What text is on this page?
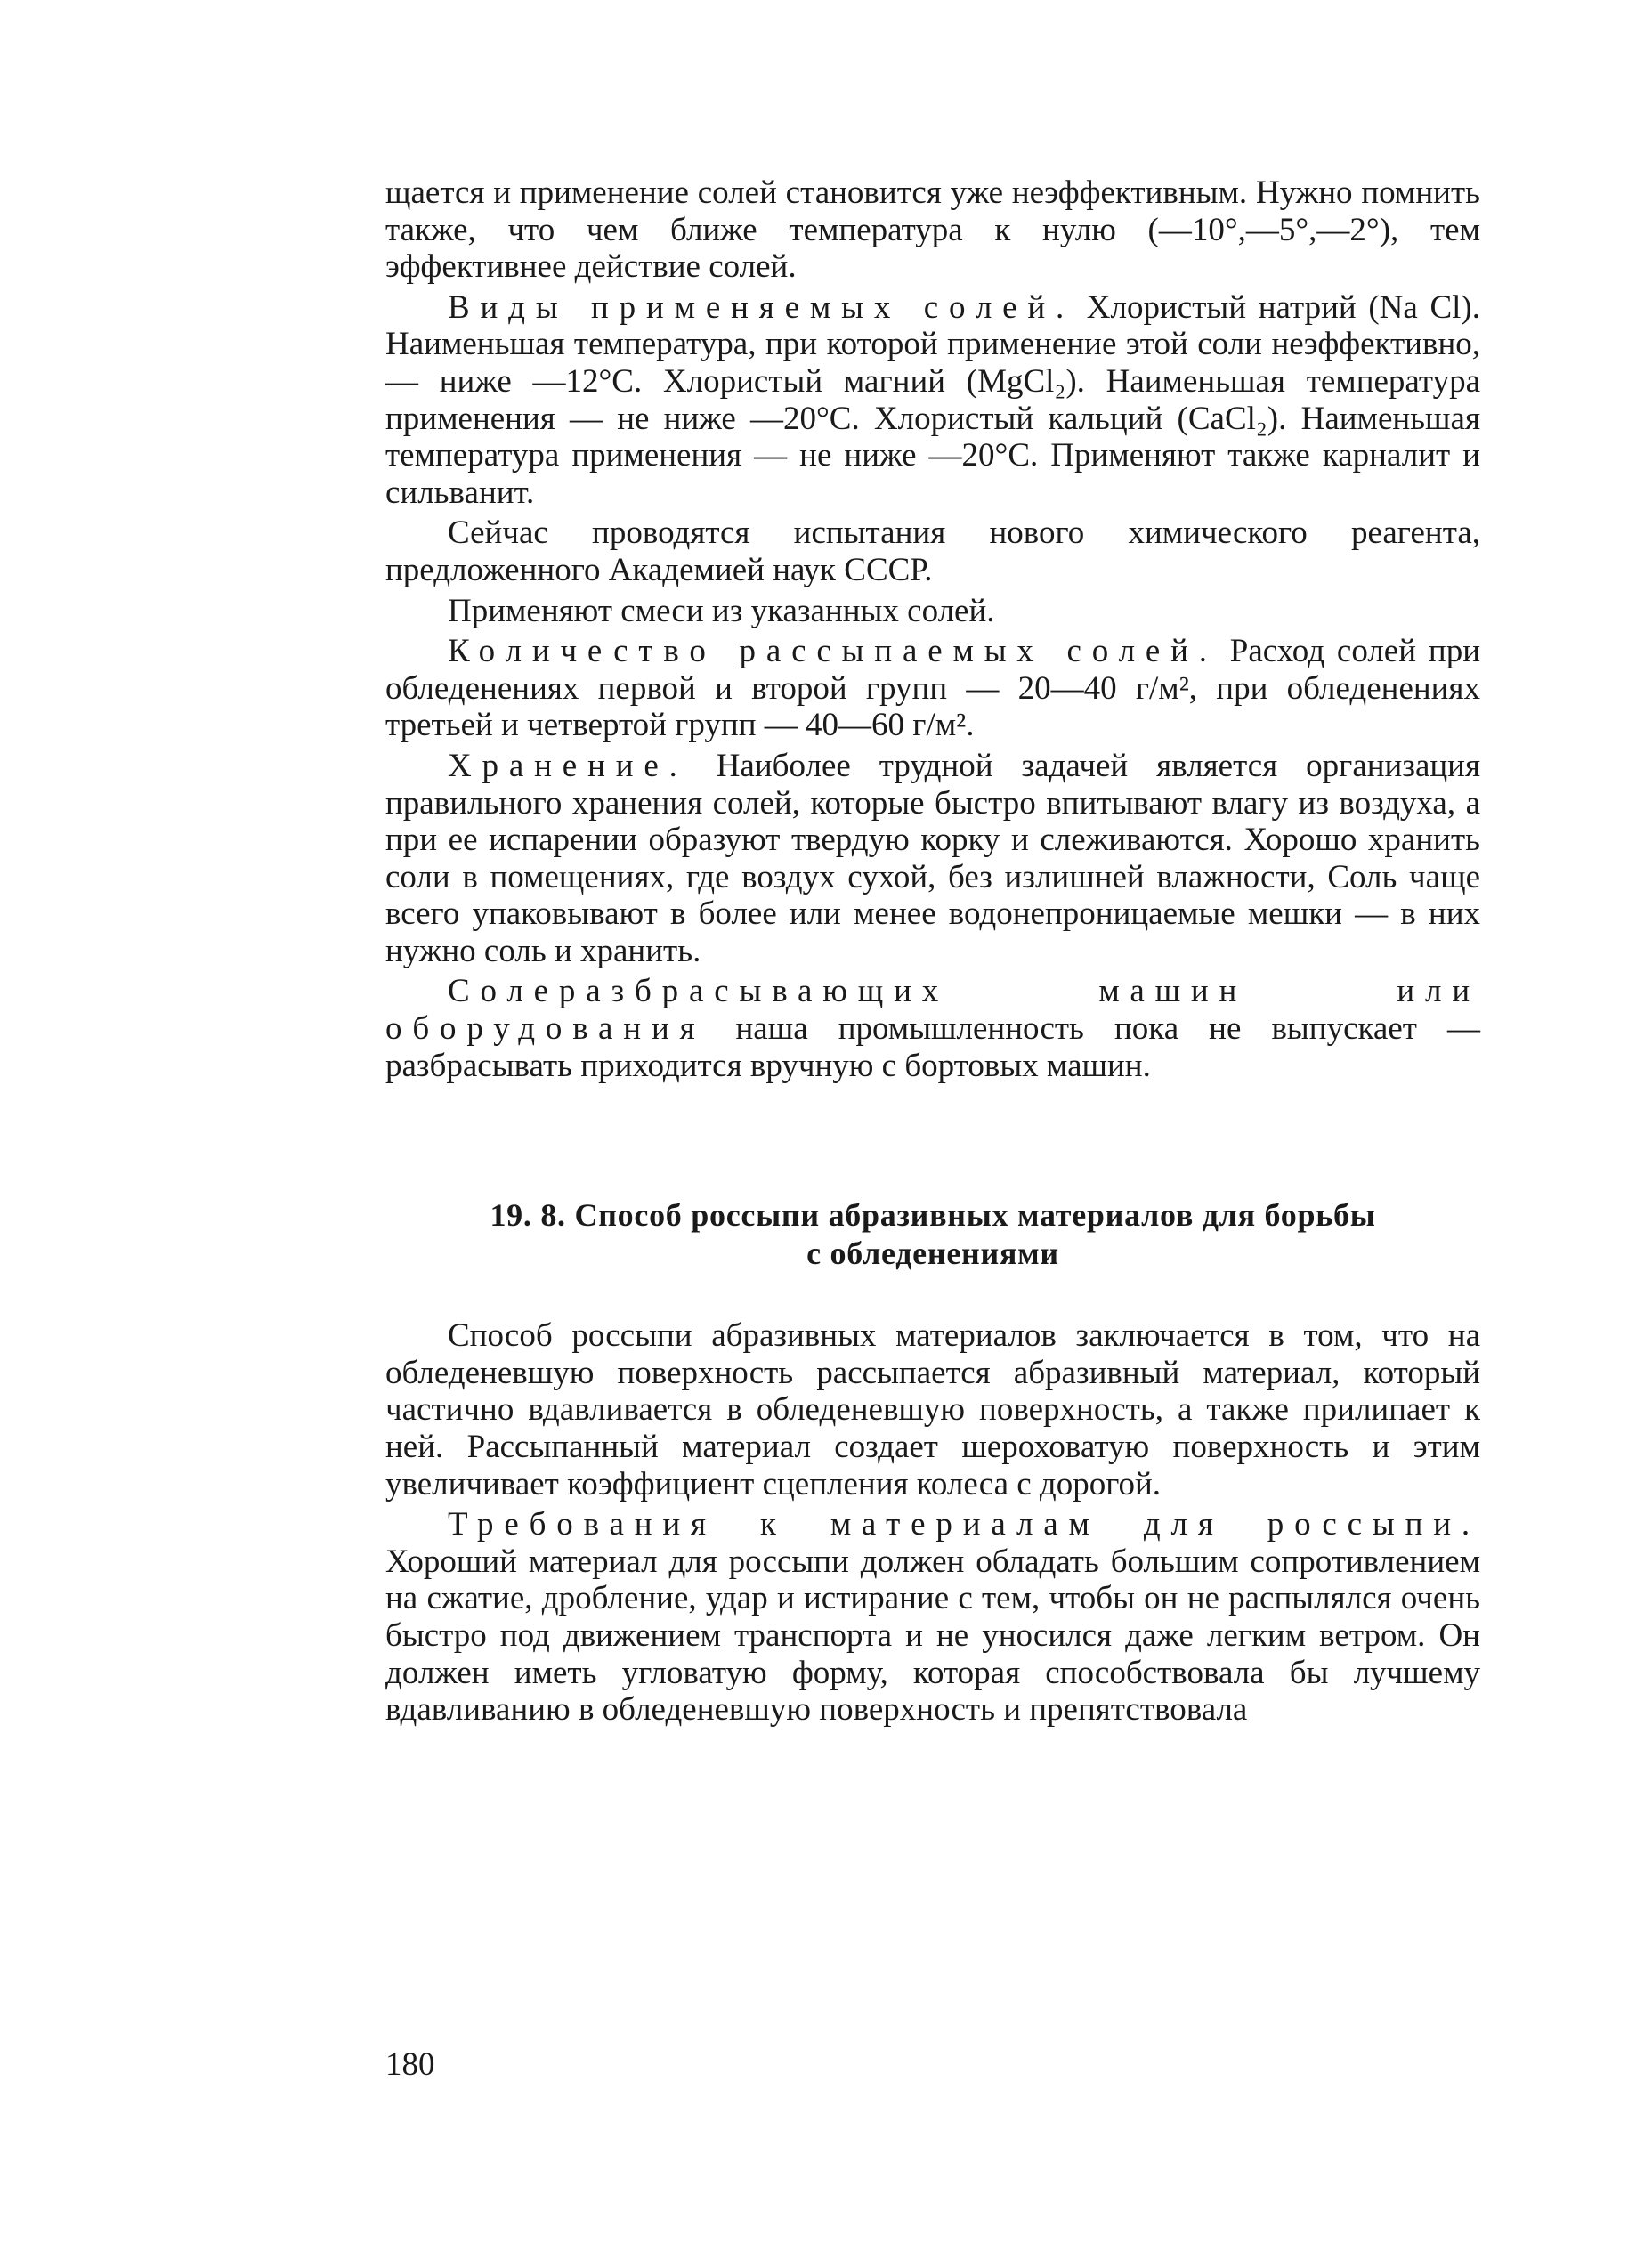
щается и применение солей становится уже неэффективным. Нужно помнить также, что чем ближе температура к нулю (—10°,—5°,—2°), тем эффективнее действие солей.

Виды применяемых солей. Хлористый натрий (Na Cl). Наименьшая температура, при которой применение этой соли неэффективно, — ниже —12°С. Хлористый магний (MgCl₂). Наименьшая температура применения — не ниже —20°С. Хлористый кальций (CaCl₂). Наименьшая температура применения — не ниже —20°С. Применяют также карналит и сильванит.

Сейчас проводятся испытания нового химического реагента, предложенного Академией наук СССР.

Применяют смеси из указанных солей.

Количество рассыпаемых солей. Расход солей при обледенениях первой и второй групп — 20—40 г/м², при обледенениях третьей и четвертой групп — 40—60 г/м².

Хранение. Наиболее трудной задачей является организация правильного хранения солей, которые быстро впитывают влагу из воздуха, а при ее испарении образуют твердую корку и слеживаются. Хорошо хранить соли в помещениях, где воздух сухой, без излишней влажности, Соль чаще всего упаковывают в более или менее водонепроницаемые мешки — в них нужно соль и хранить.

Солеразбрасывающих машин или оборудования наша промышленность пока не выпускает — разбрасывать приходится вручную с бортовых машин.

19. 8. Способ россыпи абразивных материалов для борьбы
с обледенениями

Способ россыпи абразивных материалов заключается в том, что на обледеневшую поверхность рассыпается абразивный материал, который частично вдавливается в обледеневшую поверхность, а также прилипает к ней. Рассыпанный материал создает шероховатую поверхность и этим увеличивает коэффициент сцепления колеса с дорогой.

Требования к материалам для россыпи. Хороший материал для россыпи должен обладать большим сопротивлением на сжатие, дробление, удар и истирание с тем, чтобы он не распылялся очень быстро под движением транспорта и не уносился даже легким ветром. Он должен иметь угловатую форму, которая способствовала бы лучшему вдавливанию в обледеневшую поверхность и препятствовала

180
